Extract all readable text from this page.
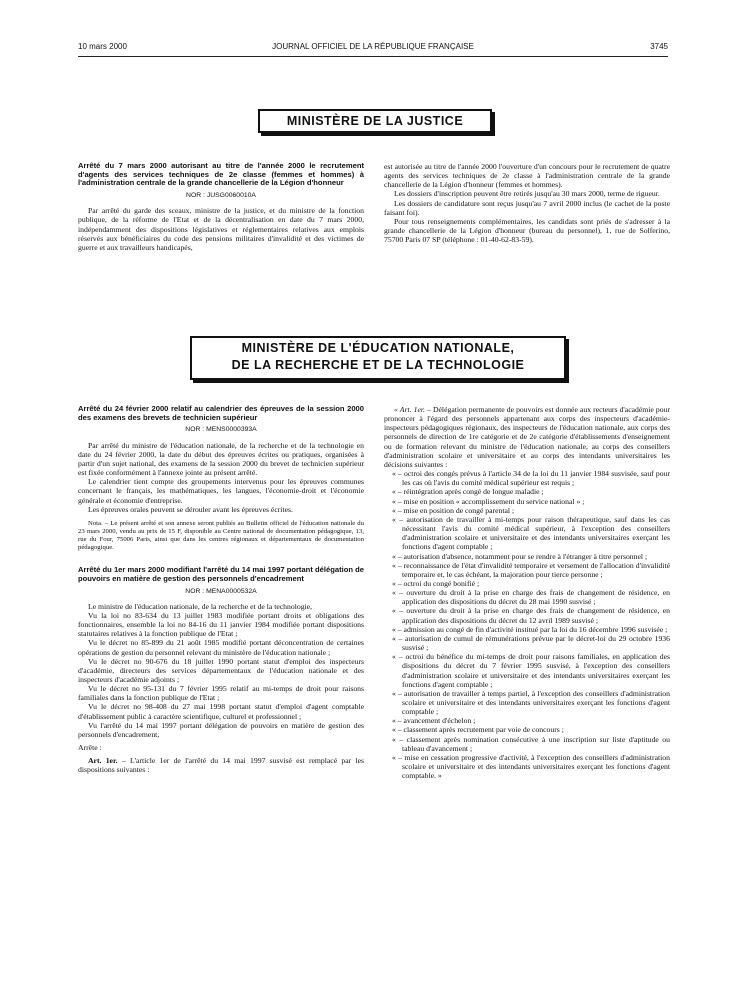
JOURNAL OFFICIEL DE LA RÉPUBLIQUE FRANÇAISE
10 mars 2000	3745
MINISTÈRE DE LA JUSTICE
Arrêté du 7 mars 2000 autorisant au titre de l'année 2000 le recrutement d'agents des services techniques de 2e classe (femmes et hommes) à l'administration centrale de la grande chancellerie de la Légion d'honneur
NOR : JUSG0060010A

Par arrêté du garde des sceaux, ministre de la justice, et du ministre de la fonction publique, de la réforme de l'Etat et de la décentralisation en date du 7 mars 2000, indépendamment des dispositions législatives et réglementaires relatives aux emplois réservés aux bénéficiaires du code des pensions militaires d'invalidité et des victimes de guerre et aux travailleurs handicapés,

est autorisée au titre de l'année 2000 l'ouverture d'un concours pour le recrutement de quatre agents des services techniques de 2e classe à l'administration centrale de la grande chancellerie de la Légion d'honneur (femmes et hommes).

Les dossiers d'inscription peuvent être retirés jusqu'au 30 mars 2000, terme de rigueur.

Les dossiers de candidature sont reçus jusqu'au 7 avril 2000 inclus (le cachet de la poste faisant foi).

Pour tous renseignements complémentaires, les candidats sont priés de s'adresser à la grande chancellerie de la Légion d'honneur (bureau du personnel), 1, rue de Solferino, 75700 Paris 07 SP (téléphone : 01-40-62-83-59).

MINISTÈRE DE L'ÉDUCATION NATIONALE,
DE LA RECHERCHE ET DE LA TECHNOLOGIE
Arrêté du 24 février 2000 relatif au calendrier des épreuves de la session 2000 des examens des brevets de technicien supérieur
NOR : MENS0000393A

Par arrêté du ministre de l'éducation nationale, de la recherche et de la technologie en date du 24 février 2000, la date du début des épreuves écrites ou pratiques, organisées à partir d'un sujet national, des examens de la session 2000 du brevet de technicien supérieur est fixée conformément à l'annexe jointe au présent arrêté.

Le calendrier tient compte des groupements intervenus pour les épreuves communes concernant le français, les mathématiques, les langues, l'économie-droit et l'économie générale et économie d'entreprise.

Les épreuves orales peuvent se dérouler avant les épreuves écrites.

Nota. – Le présent arrêté et son annexe seront publiés au Bulletin officiel de l'éducation nationale du 23 mars 2000, vendu au prix de 15 F, disponible au Centre national de documentation pédagogique, 13, rue du Four, 75006 Paris, ainsi que dans les centres régionaux et départementaux de documentation pédagogique.

Arrêté du 1er mars 2000 modifiant l'arrêté du 14 mai 1997 portant délégation de pouvoirs en matière de gestion des personnels d'encadrement
NOR : MENA0000532A

Le ministre de l'éducation nationale, de la recherche et de la technologie,

Vu la loi no 83-634 du 13 juillet 1983 modifiée portant droits et obligations des fonctionnaires, ensemble la loi no 84-16 du 11 janvier 1984 modifiée portant dispositions statutaires relatives à la fonction publique de l'Etat ;

Vu le décret no 85-899 du 21 août 1985 modifié portant déconcentration de certaines opérations de gestion du personnel relevant du ministère de l'éducation nationale ;

Vu le décret no 90-676 du 18 juillet 1990 portant statut d'emploi des inspecteurs d'académie, directeurs des services départementaux de l'éducation nationale et des inspecteurs d'académie adjoints ;

Vu le décret no 95-131 du 7 février 1995 relatif au mi-temps de droit pour raisons familiales dans la fonction publique de l'Etat ;

Vu le décret no 98-408 du 27 mai 1998 portant statut d'emploi d'agent comptable d'établissement public à caractère scientifique, culturel et professionnel ;

Vu l'arrêté du 14 mai 1997 portant délégation de pouvoirs en matière de gestion des personnels d'encadrement,

Arrête :

Art. 1er. – L'article 1er de l'arrêté du 14 mai 1997 susvisé est remplacé par les dispositions suivantes :

« Art. 1er. – Délégation permanente de pouvoirs est donnée aux recteurs d'académie pour prononcer à l'égard des personnels appartenant aux corps des inspecteurs d'académie-inspecteurs pédagogiques régionaux, des inspecteurs de l'éducation nationale, aux corps des personnels de direction de 1re catégorie et de 2e catégorie d'établissements d'enseignement ou de formation relevant du ministre de l'éducation nationale, au corps des conseillers d'administration scolaire et universitaire et au corps des intendants universitaires les décisions suivantes :

« – octroi des congés prévus à l'article 34 de la loi du 11 janvier 1984 susvisée, sauf pour les cas où l'avis du comité médical supérieur est requis ;
« – réintégration après congé de longue maladie ;
« – mise en position « accomplissement du service national » ;
« – mise en position de congé parental ;
« – autorisation de travailler à mi-temps pour raison thérapeutique, sauf dans les cas nécessitant l'avis du comité médical supérieur, à l'exception des conseillers d'administration scolaire et universitaire et des intendants universitaires exerçant les fonctions d'agent comptable ;
« – autorisation d'absence, notamment pour se rendre à l'étranger à titre personnel ;
« – reconnaissance de l'état d'invalidité temporaire et versement de l'allocation d'invalidité temporaire et, le cas échéant, la majoration pour tierce personne ;
« – octroi du congé bonifié ;
« – ouverture du droit à la prise en charge des frais de changement de résidence, en application des dispositions du décret du 28 mai 1990 susvisé ;
« – ouverture du droit à la prise en charge des frais de changement de résidence, en application des dispositions du décret du 12 avril 1989 susvisé ;
« – admission au congé de fin d'activité institué par la loi du 16 décembre 1996 susvisée ;
« – autorisation de cumul de rémunérations prévue par le décret-loi du 29 octobre 1936 susvisé ;
« – octroi du bénéfice du mi-temps de droit pour raisons familiales, en application des dispositions du décret du 7 février 1995 susvisé, à l'exception des conseillers d'administration scolaire et universitaire et des intendants universitaires exerçant les fonctions d'agent comptable ;
« – autorisation de travailler à temps partiel, à l'exception des conseillers d'administration scolaire et universitaire et des intendants universitaires exerçant les fonctions d'agent comptable ;
« – avancement d'échelon ;
« – classement après recrutement par voie de concours ;
« – classement après nomination consécutive à une inscription sur liste d'aptitude ou tableau d'avancement ;
« – mise en cessation progressive d'activité, à l'exception des conseillers d'administration scolaire et universitaire et des intendants universitaires exerçant les fonctions d'agent comptable. »
